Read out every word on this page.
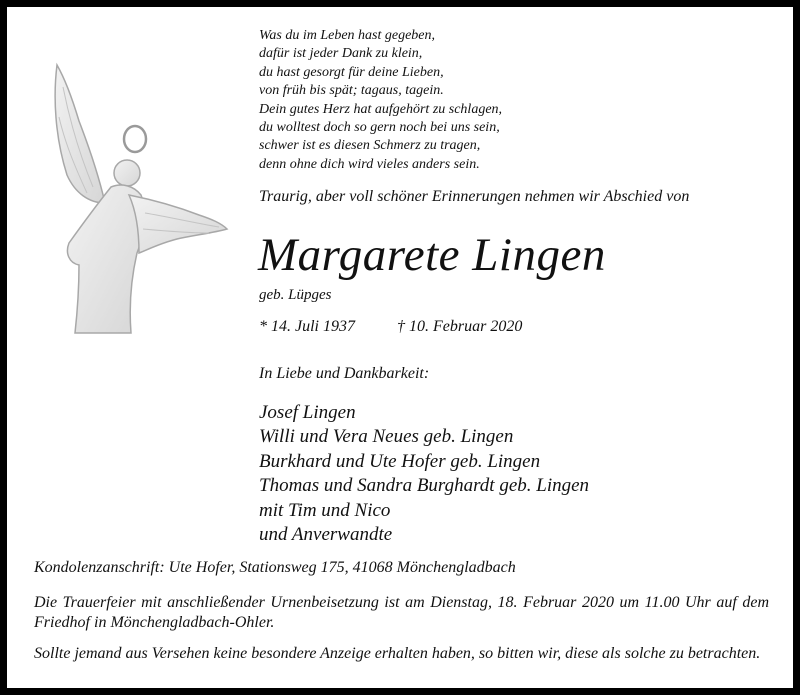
Was du im Leben hast gegeben,
dafür ist jeder Dank zu klein,
du hast gesorgt für deine Lieben,
von früh bis spät; tagaus, tagein.
Dein gutes Herz hat aufgehört zu schlagen,
du wolltest doch so gern noch bei uns sein,
schwer ist es diesen Schmerz zu tragen,
denn ohne dich wird vieles anders sein.
Traurig, aber voll schöner Erinnerungen nehmen wir Abschied von
Margarete Lingen
geb. Lüpges
* 14. Juli 1937	† 10. Februar 2020
In Liebe und Dankbarkeit:
Josef Lingen
Willi und Vera Neues geb. Lingen
Burkhard und Ute Hofer geb. Lingen
Thomas und Sandra Burghardt geb. Lingen
mit Tim und Nico
und Anverwandte
Kondolenzanschrift: Ute Hofer, Stationsweg 175, 41068 Mönchengladbach
Die Trauerfeier mit anschließender Urnenbeisetzung ist am Dienstag, 18. Februar 2020 um 11.00 Uhr auf dem Friedhof in Mönchengladbach-Ohler.
Sollte jemand aus Versehen keine besondere Anzeige erhalten haben, so bitten wir, diese als solche zu betrachten.
